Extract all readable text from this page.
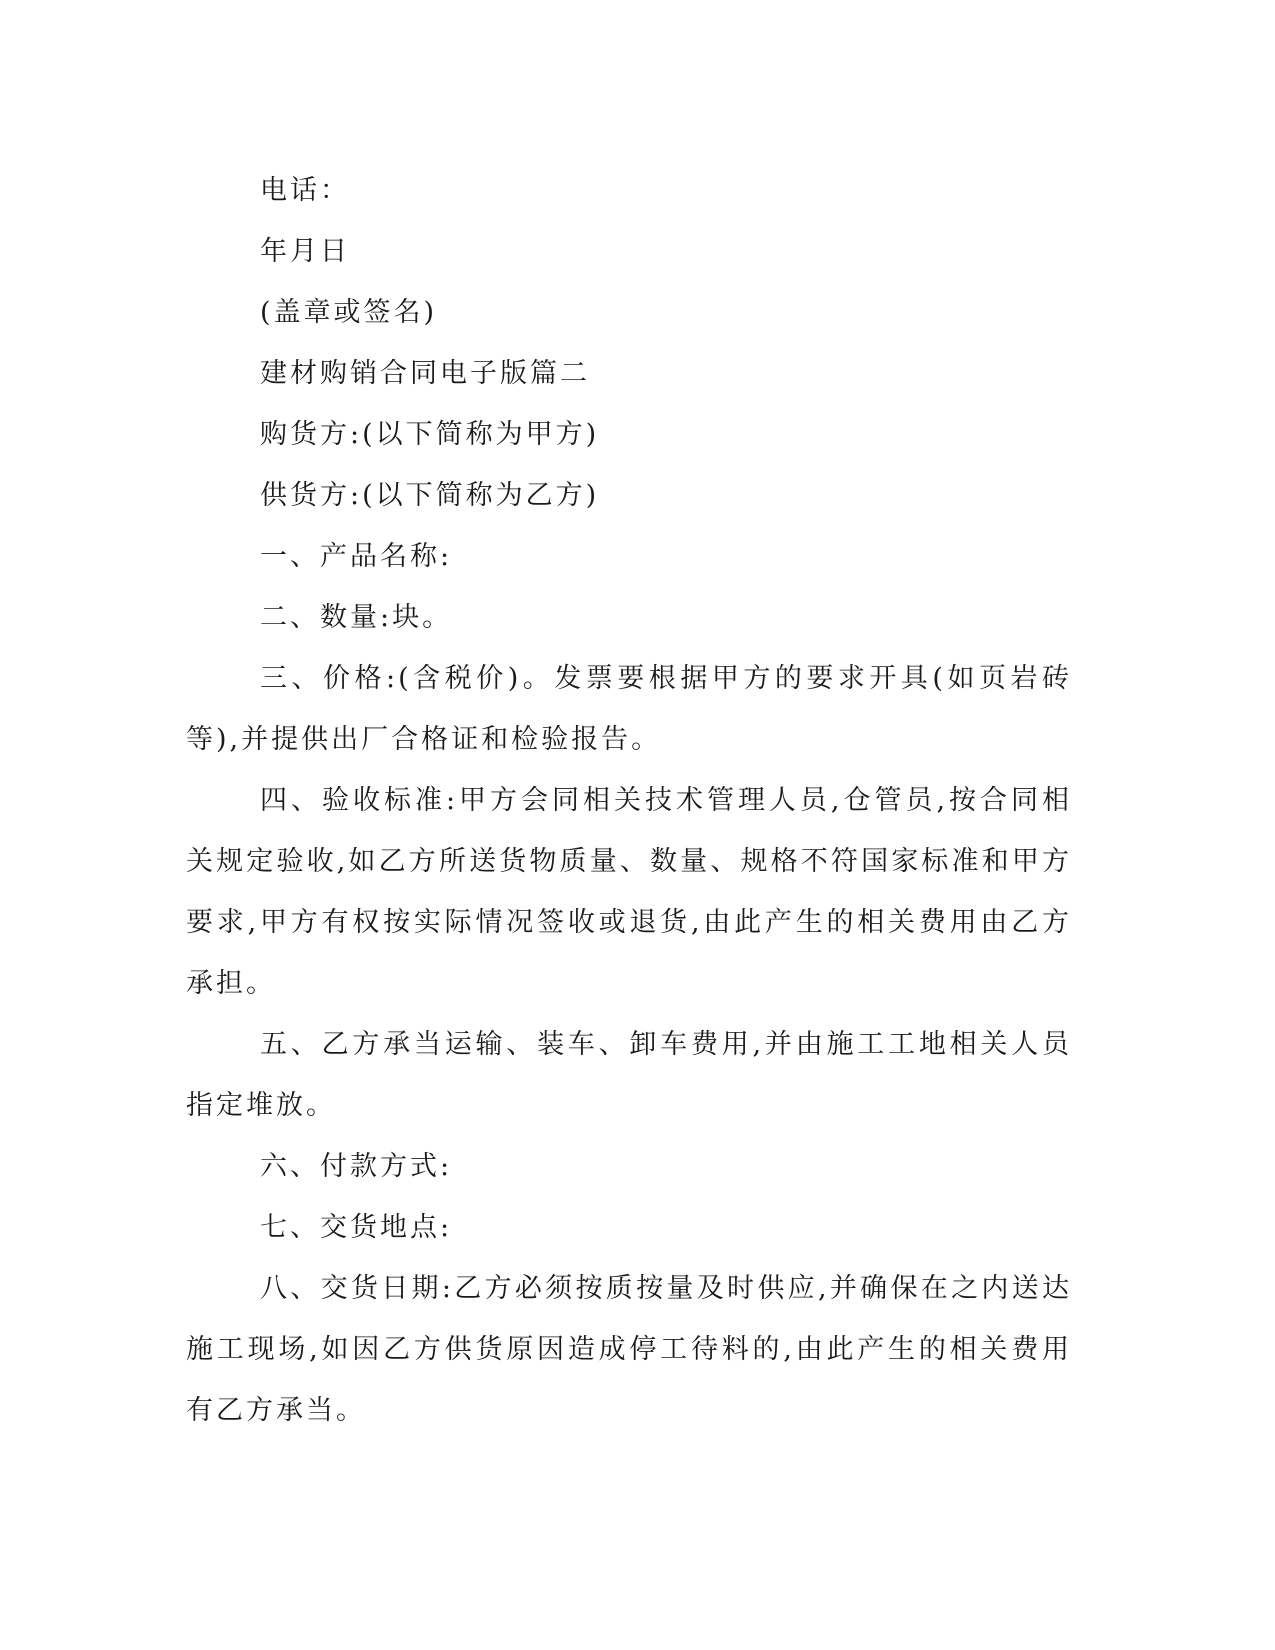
电话：

年月日

(盖章或签名)

建材购销合同电子版篇二

购货方:(以下简称为甲方)

供货方:(以下简称为乙方)

一、产品名称:

二、数量:块。

三、价格:(含税价)。发票要根据甲方的要求开具(如页岩砖等),并提供出厂合格证和检验报告。

四、验收标准:甲方会同相关技术管理人员,仓管员,按合同相关规定验收,如乙方所送货物质量、数量、规格不符国家标准和甲方要求,甲方有权按实际情况签收或退货,由此产生的相关费用由乙方承担。

五、乙方承当运输、装车、卸车费用,并由施工工地相关人员指定堆放。

六、付款方式:

七、交货地点:

八、交货日期:乙方必须按质按量及时供应,并确保在之内送达施工现场,如因乙方供货原因造成停工待料的,由此产生的相关费用有乙方承当。
